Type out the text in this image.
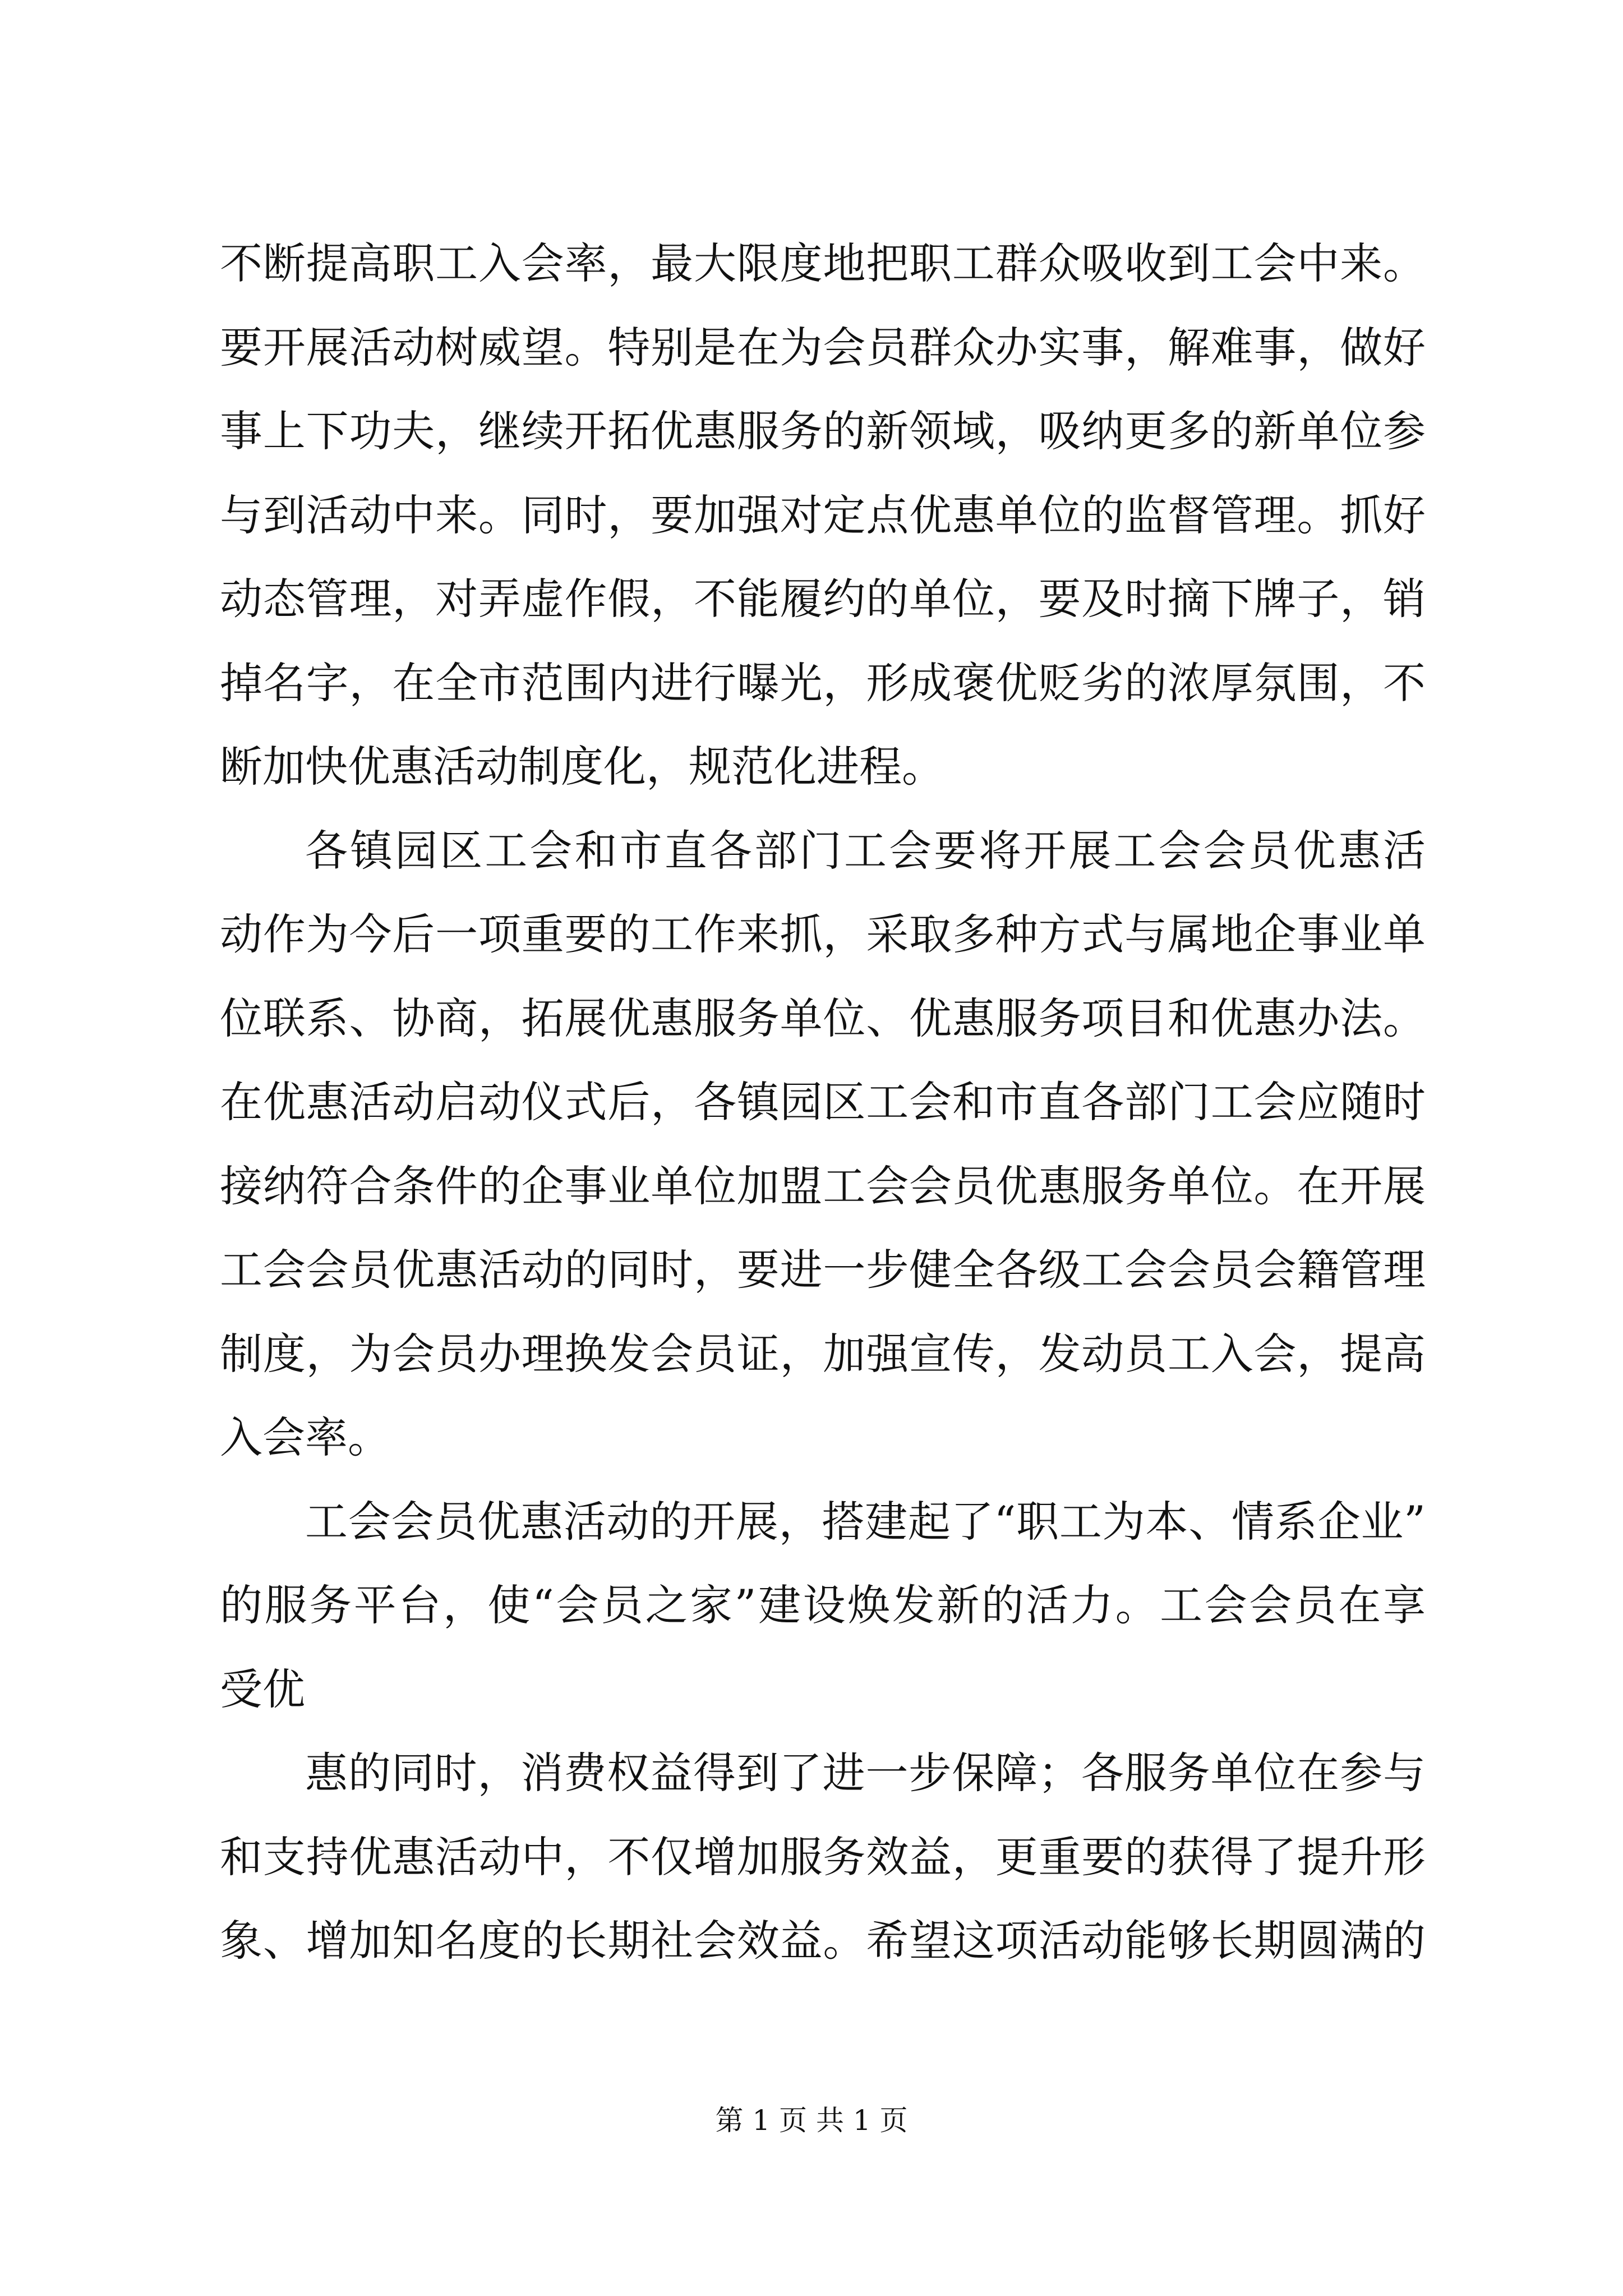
不断提高职工入会率，最大限度地把职工群众吸收到工会中来。
要开展活动树威望。特别是在为会员群众办实事，解难事，做好
事上下功夫，继续开拓优惠服务的新领域，吸纳更多的新单位参
与到活动中来。同时，要加强对定点优惠单位的监督管理。抓好
动态管理，对弄虚作假，不能履约的单位，要及时摘下牌子，销
掉名字，在全市范围内进行曝光，形成褒优贬劣的浓厚氛围，不
断加快优惠活动制度化，规范化进程。
各镇园区工会和市直各部门工会要将开展工会会员优惠活
动作为今后一项重要的工作来抓，采取多种方式与属地企事业单
位联系、协商，拓展优惠服务单位、优惠服务项目和优惠办法。
在优惠活动启动仪式后，各镇园区工会和市直各部门工会应随时
接纳符合条件的企事业单位加盟工会会员优惠服务单位。在开展
工会会员优惠活动的同时，要进一步健全各级工会会员会籍管理
制度，为会员办理换发会员证，加强宣传，发动员工入会，提高
入会率。
工会会员优惠活动的开展，搭建起了“职工为本、情系企业”
的服务平台，使“会员之家”建设焕发新的活力。工会会员在享
受优
惠的同时，消费权益得到了进一步保障；各服务单位在参与
和支持优惠活动中，不仅增加服务效益，更重要的获得了提升形
象、增加知名度的长期社会效益。希望这项活动能够长期圆满的
第 1 页 共 1 页
